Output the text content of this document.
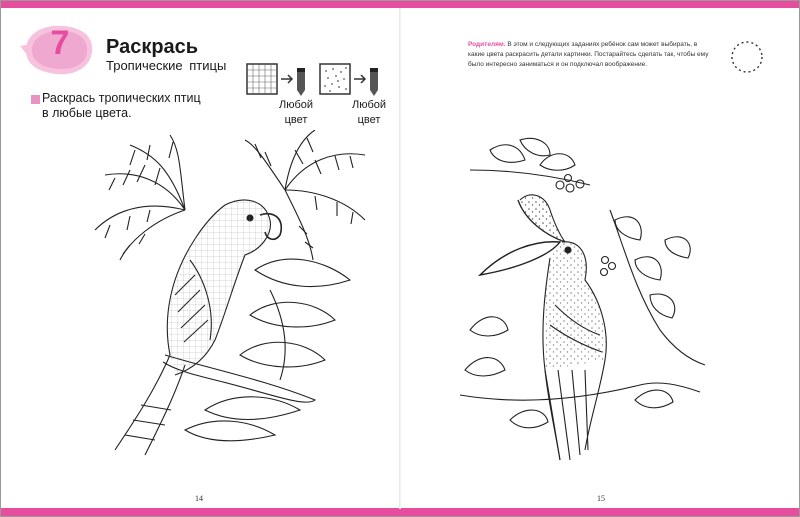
7	Раскрась
Тропические птицы
Раскрась тропических птиц
в любые цвета.
Любой
цвет
Любой
цвет
Родителям. В этом и следующих заданиях ребёнок сам может выбирать, в какие цвета раскрасить детали картинки. Постарайтесь сделать так, чтобы ему было интересно заниматься и он подключал воображение.
14	15
